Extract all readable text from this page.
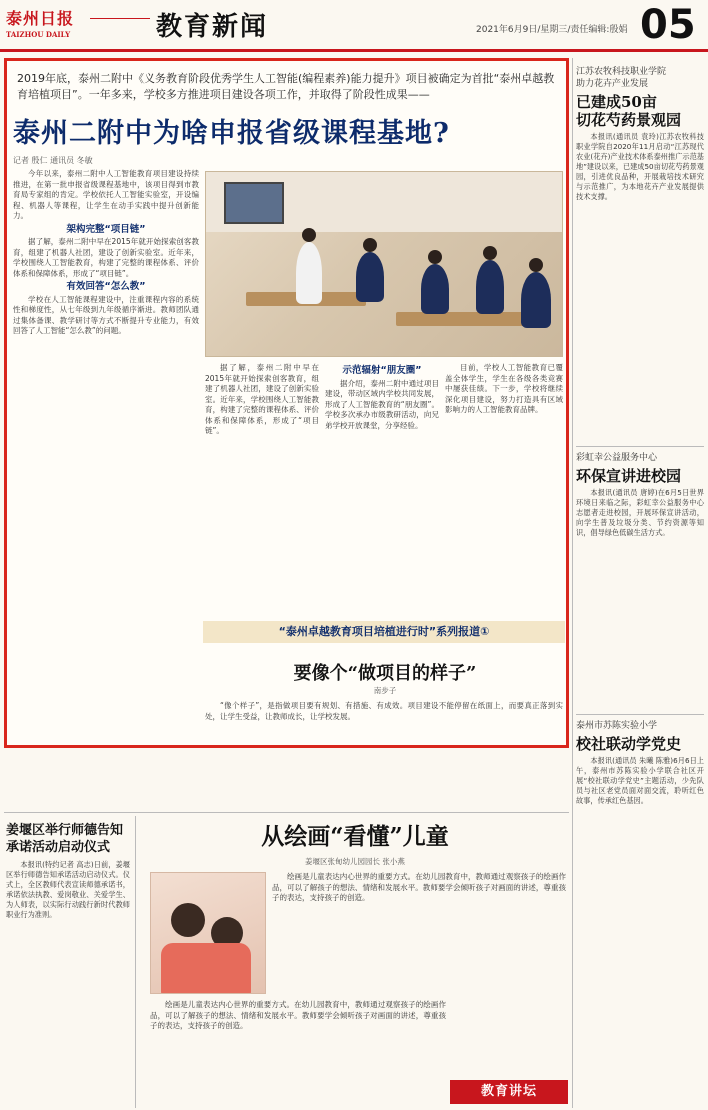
泰州日报
TAIZHOU DAILY	教育新闻	2021年6月9日/星期三/责任编辑:殷娟 05
2019年底，泰州二附中《义务教育阶段优秀学生人工智能(编程素养)能力提升》项目被确定为首批“泰州卓越教育培植项目”。一年多来，学校多方推进项目建设各项工作，并取得了阶段性成果——
泰州二附中为啥申报省级课程基地?
记者 殷仁 通讯员 冬敏

今年以来，泰州二附中人工智能教育项目建设持续推进，在第一批申报省级课程基地中，该项目得到市教育局专家组的肯定。学校依托人工智能实验室，开设编程、机器人等课程，让学生在动手实践中提升创新能力。

架构完整“项目链”

据了解，泰州二附中早在2015年就开始探索创客教育，组建了机器人社团，建设了创新实验室。近年来，学校围绕人工智能教育，构建了完整的课程体系、评价体系和保障体系，形成了“项目链”。

有效回答“怎么教”

学校在人工智能课程建设中，注重课程内容的系统性和梯度性，从七年级到九年级循序渐进。教师团队通过集体备课、教学研讨等方式不断提升专业能力，有效回答了人工智能“怎么教”的问题。

据了解，泰州二附中早在2015年就开始探索创客教育，组建了机器人社团，建设了创新实验室。近年来，学校围绕人工智能教育，构建了完整的课程体系、评价体系和保障体系，形成了“项目链”。

示范辐射“朋友圈”

据介绍，泰州二附中通过项目建设，带动区域内学校共同发展，形成了人工智能教育的“朋友圈”。学校多次承办市级教研活动，向兄弟学校开放课堂，分享经验。

目前，学校人工智能教育已覆盖全体学生，学生在各级各类竞赛中屡获佳绩。下一步，学校将继续深化项目建设，努力打造具有区域影响力的人工智能教育品牌。

“泰州卓越教育项目培植进行时”系列报道①
要像个“做项目的样子”
南步子

“像个样子”，是指做项目要有规划、有措施、有成效。项目建设不能停留在纸面上，而要真正落到实处，让学生受益，让教师成长，让学校发展。

江苏农牧科技职业学院
助力花卉产业发展
已建成50亩
切花芍药景观园

本报讯(通讯员 袁玲)江苏农牧科技职业学院自2020年11月启动“江苏现代农业(花卉)产业技术体系泰州推广示范基地”建设以来，已建成50亩切花芍药景观园，引进优良品种，开展栽培技术研究与示范推广，为本地花卉产业发展提供技术支撑。

彩虹幸公益服务中心
环保宣讲进校园

本报讯(通讯员 唐婷)在6月5日世界环境日来临之际，彩虹幸公益服务中心志愿者走进校园，开展环保宣讲活动，向学生普及垃圾分类、节约资源等知识，倡导绿色低碳生活方式。

泰州市苏陈实验小学
校社联动学党史

本报讯(通讯员 朱曦 陈雅)6月6日上午，泰州市苏陈实验小学联合社区开展“校社联动学党史”主题活动，少先队员与社区老党员面对面交流，聆听红色故事，传承红色基因。

姜堰区举行师德告知
承诺活动启动仪式

本报讯(特约记者 高志)日前，姜堰区举行师德告知承诺活动启动仪式。仪式上，全区教师代表宣读师德承诺书，承诺依法执教、爱岗敬业、关爱学生、为人师表，以实际行动践行新时代教师职业行为准则。

从绘画“看懂”儿童
姜堰区张甸幼儿园园长 张小燕

绘画是儿童表达内心世界的重要方式。在幼儿园教育中，教师通过观察孩子的绘画作品，可以了解孩子的想法、情绪和发展水平。教师要学会倾听孩子对画面的讲述，尊重孩子的表达，支持孩子的创造。

绘画是儿童表达内心世界的重要方式。在幼儿园教育中，教师通过观察孩子的绘画作品，可以了解孩子的想法、情绪和发展水平。教师要学会倾听孩子对画面的讲述，尊重孩子的表达，支持孩子的创造。

教育讲坛
